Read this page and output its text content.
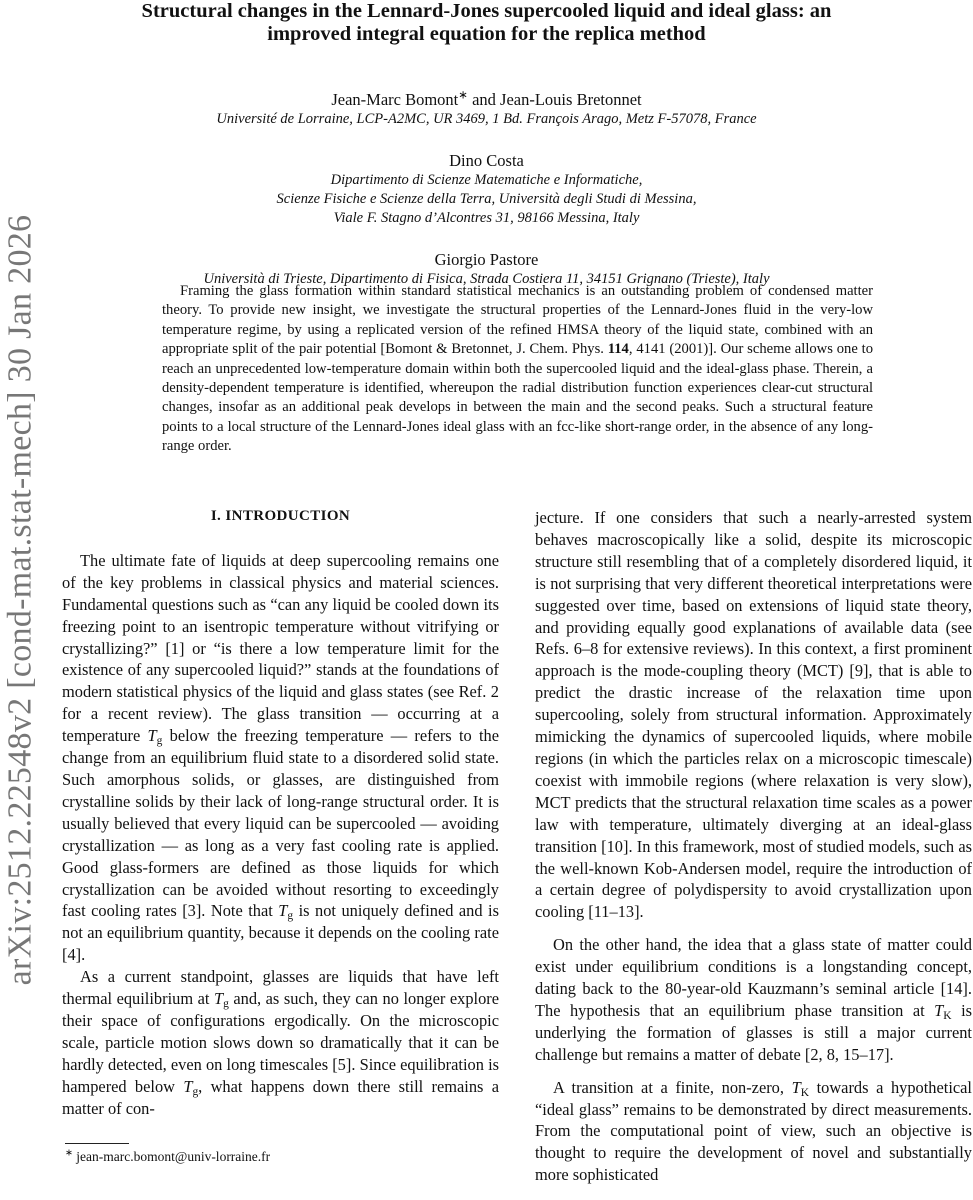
arXiv:2512.22548v2 [cond-mat.stat-mech] 30 Jan 2026
Structural changes in the Lennard-Jones supercooled liquid and ideal glass: an
improved integral equation for the replica method
Jean-Marc Bomont∗ and Jean-Louis Bretonnet
Université de Lorraine, LCP-A2MC, UR 3469, 1 Bd. François Arago, Metz F-57078, France
Dino Costa
Dipartimento di Scienze Matematiche e Informatiche,
Scienze Fisiche e Scienze della Terra, Università degli Studi di Messina,
Viale F. Stagno d’Alcontres 31, 98166 Messina, Italy
Giorgio Pastore
Università di Trieste, Dipartimento di Fisica, Strada Costiera 11, 34151 Grignano (Trieste), Italy

Framing the glass formation within standard statistical mechanics is an outstanding problem of condensed matter theory. To provide new insight, we investigate the structural properties of the Lennard-Jones fluid in the very-low temperature regime, by using a replicated version of the refined HMSA theory of the liquid state, combined with an appropriate split of the pair potential [Bomont & Bretonnet, J. Chem. Phys. 114, 4141 (2001)]. Our scheme allows one to reach an unprecedented low-temperature domain within both the supercooled liquid and the ideal-glass phase. Therein, a density-dependent temperature is identified, whereupon the radial distribution function experiences clear-cut structural changes, insofar as an additional peak develops in between the main and the second peaks. Such a structural feature points to a local structure of the Lennard-Jones ideal glass with an fcc-like short-range order, in the absence of any long-range order.

I. INTRODUCTION

The ultimate fate of liquids at deep supercooling remains one of the key problems in classical physics and material sciences. Fundamental questions such as “can any liquid be cooled down its freezing point to an isentropic temperature without vitrifying or crystallizing?” [1] or “is there a low temperature limit for the existence of any supercooled liquid?” stands at the foundations of modern statistical physics of the liquid and glass states (see Ref. 2 for a recent review). The glass transition — occurring at a temperature $T_g$ below the freezing temperature — refers to the change from an equilibrium fluid state to a disordered solid state. Such amorphous solids, or glasses, are distinguished from crystalline solids by their lack of long-range structural order. It is usually believed that every liquid can be supercooled — avoiding crystallization — as long as a very fast cooling rate is applied. Good glass-formers are defined as those liquids for which crystallization can be avoided without resorting to exceedingly fast cooling rates [3]. Note that $T_g$ is not uniquely defined and is not an equilibrium quantity, because it depends on the cooling rate [4].

As a current standpoint, glasses are liquids that have left thermal equilibrium at $T_g$ and, as such, they can no longer explore their space of configurations ergodically. On the microscopic scale, particle motion slows down so dramatically that it can be hardly detected, even on long timescales [5]. Since equilibration is hampered below $T_g$, what happens down there still remains a matter of con-

jecture. If one considers that such a nearly-arrested system behaves macroscopically like a solid, despite its microscopic structure still resembling that of a completely disordered liquid, it is not surprising that very different theoretical interpretations were suggested over time, based on extensions of liquid state theory, and providing equally good explanations of available data (see Refs. 6–8 for extensive reviews). In this context, a first prominent approach is the mode-coupling theory (MCT) [9], that is able to predict the drastic increase of the relaxation time upon supercooling, solely from structural information. Approximately mimicking the dynamics of supercooled liquids, where mobile regions (in which the particles relax on a microscopic timescale) coexist with immobile regions (where relaxation is very slow), MCT predicts that the structural relaxation time scales as a power law with temperature, ultimately diverging at an ideal-glass transition [10]. In this framework, most of studied models, such as the well-known Kob-Andersen model, require the introduction of a certain degree of polydispersity to avoid crystallization upon cooling [11–13].

On the other hand, the idea that a glass state of matter could exist under equilibrium conditions is a longstanding concept, dating back to the 80-year-old Kauzmann’s seminal article [14]. The hypothesis that an equilibrium phase transition at $T_K$ is underlying the formation of glasses is still a major current challenge but remains a matter of debate [2, 8, 15–17].

A transition at a finite, non-zero, $T_K$ towards a hypothetical “ideal glass” remains to be demonstrated by direct measurements. From the computational point of view, such an objective is thought to require the development of novel and substantially more sophisticated

∗ jean-marc.bomont@univ-lorraine.fr
